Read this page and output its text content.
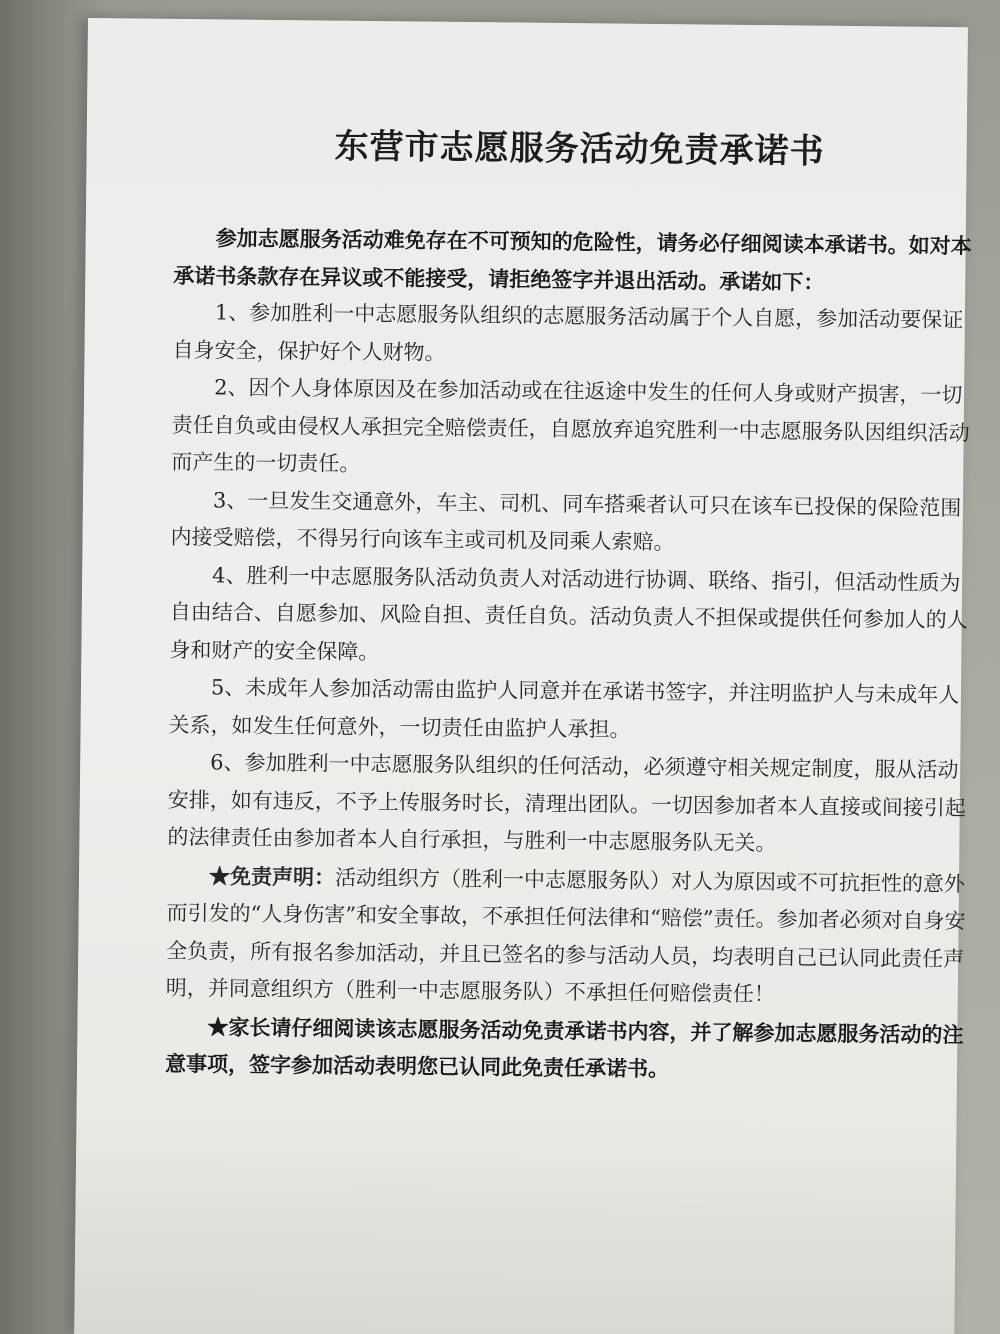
东营市志愿服务活动免责承诺书

参加志愿服务活动难免存在不可预知的危险性，请务必仔细阅读本承诺书。如对本承诺书条款存在异议或不能接受，请拒绝签字并退出活动。承诺如下：

1、参加胜利一中志愿服务队组织的志愿服务活动属于个人自愿，参加活动要保证自身安全，保护好个人财物。

2、因个人身体原因及在参加活动或在往返途中发生的任何人身或财产损害，一切责任自负或由侵权人承担完全赔偿责任，自愿放弃追究胜利一中志愿服务队因组织活动而产生的一切责任。

3、一旦发生交通意外，车主、司机、同车搭乘者认可只在该车已投保的保险范围内接受赔偿，不得另行向该车主或司机及同乘人索赔。

4、胜利一中志愿服务队活动负责人对活动进行协调、联络、指引，但活动性质为自由结合、自愿参加、风险自担、责任自负。活动负责人不担保或提供任何参加人的人身和财产的安全保障。

5、未成年人参加活动需由监护人同意并在承诺书签字，并注明监护人与未成年人关系，如发生任何意外，一切责任由监护人承担。

6、参加胜利一中志愿服务队组织的任何活动，必须遵守相关规定制度，服从活动安排，如有违反，不予上传服务时长，清理出团队。一切因参加者本人直接或间接引起的法律责任由参加者本人自行承担，与胜利一中志愿服务队无关。

★免责声明：活动组织方（胜利一中志愿服务队）对人为原因或不可抗拒性的意外而引发的“人身伤害”和安全事故，不承担任何法律和“赔偿”责任。参加者必须对自身安全负责，所有报名参加活动，并且已签名的参与活动人员，均表明自己已认同此责任声明，并同意组织方（胜利一中志愿服务队）不承担任何赔偿责任！

★家长请仔细阅读该志愿服务活动免责承诺书内容，并了解参加志愿服务活动的注意事项，签字参加活动表明您已认同此免责任承诺书。
